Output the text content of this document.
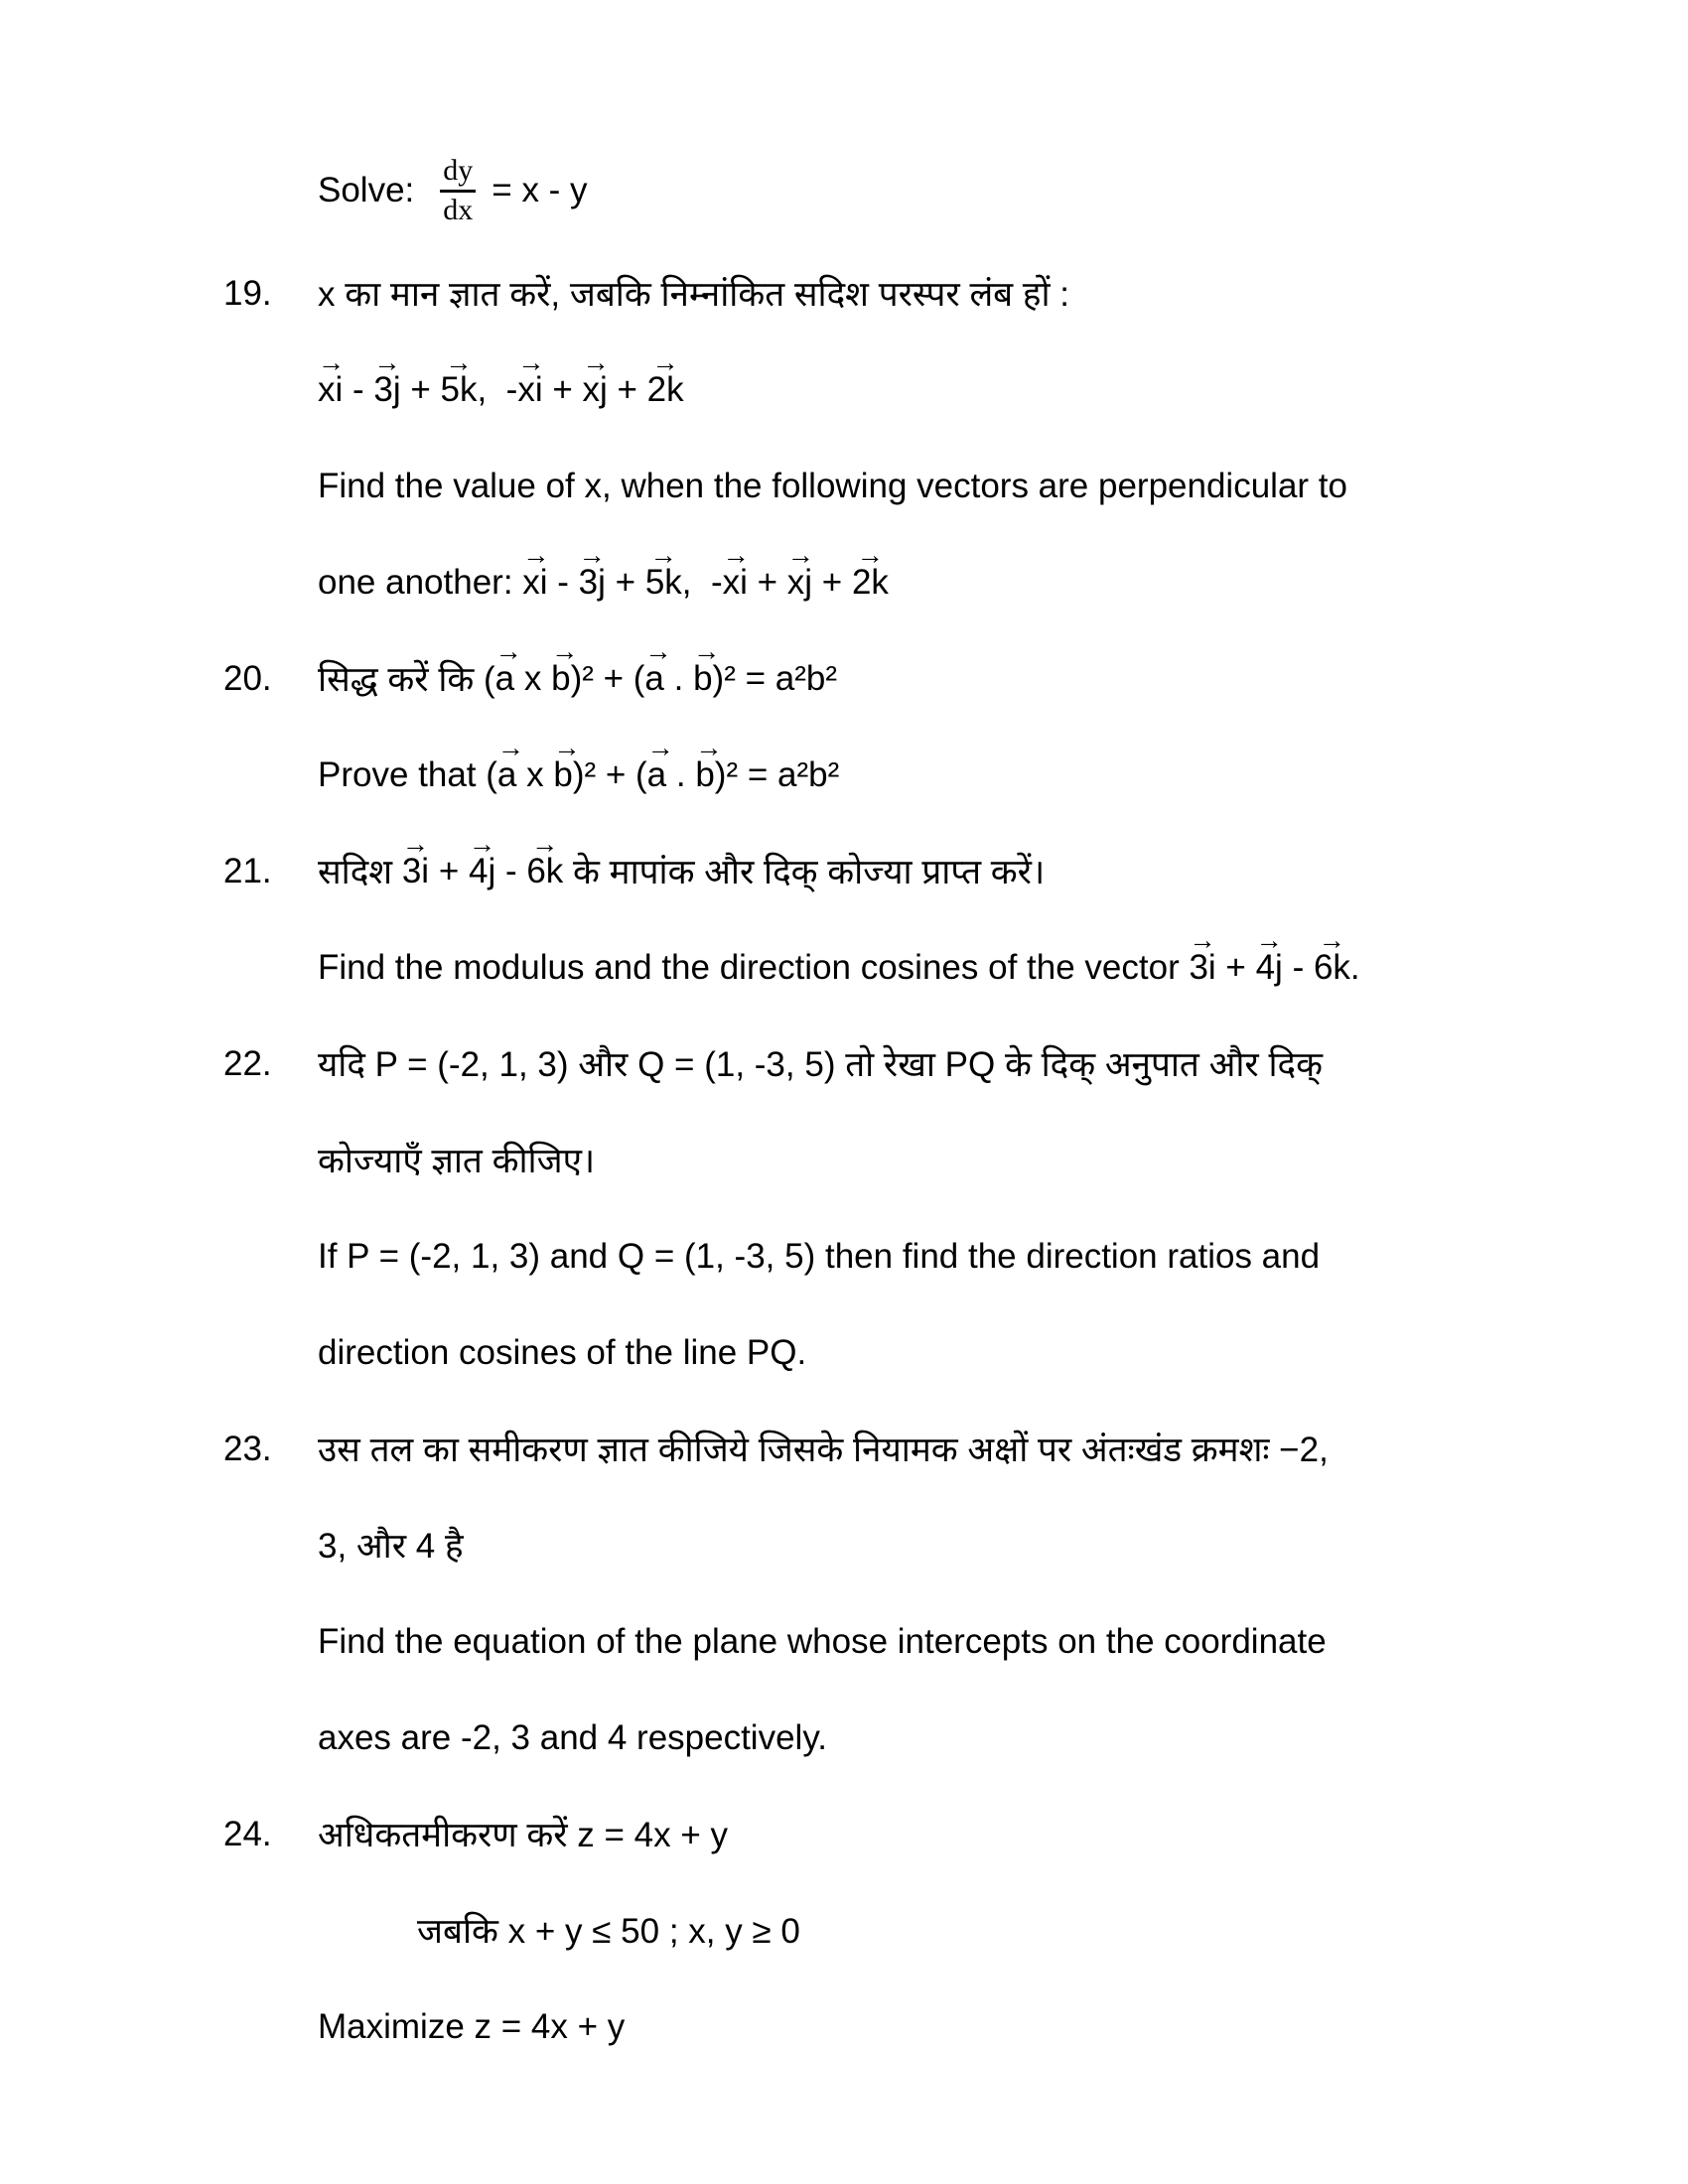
Solve: $\frac{dy}{dx} = x - y$
19.	x का मान ज्ञात करें, जबकि निम्नांकित सदिश परस्पर लंब हों :
xi → - 3j → + 5k → ,  - xi → + xj → + 2k →
Find the value of x, when the following vectors are perpendicular to
one another: xi → - 3j → + 5k → ,  - xi → + xj → + 2k →
20.	सिद्ध करें कि ( a → x b → )² + ( a → . b → )² = a²b²
Prove that ( a → x b → )² + ( a → . b → )² = a²b²
21.	सदिश 3i → + 4j → - 6k → के मापांक और दिक् कोज्या प्राप्त करें।
Find the modulus and the direction cosines of the vector 3i → + 4j → - 6k → .
22.	यदि P = (-2, 1, 3) और Q = (1, -3, 5) तो रेखा PQ के दिक् अनुपात और दिक्
कोज्याएँ ज्ञात कीजिए।
If P = (-2, 1, 3) and Q = (1, -3, 5) then find the direction ratios and
direction cosines of the line PQ.
23.	उस तल का समीकरण ज्ञात कीजिये जिसके नियामक अक्षों पर अंतःखंड क्रमशः −2,
3, और 4 है
Find the equation of the plane whose intercepts on the coordinate
axes are -2, 3 and 4 respectively.
24.	अधिकतमीकरण करें z = 4x + y
जबकि x + y ≤ 50 ; x, y ≥ 0
Maximize z = 4x + y
